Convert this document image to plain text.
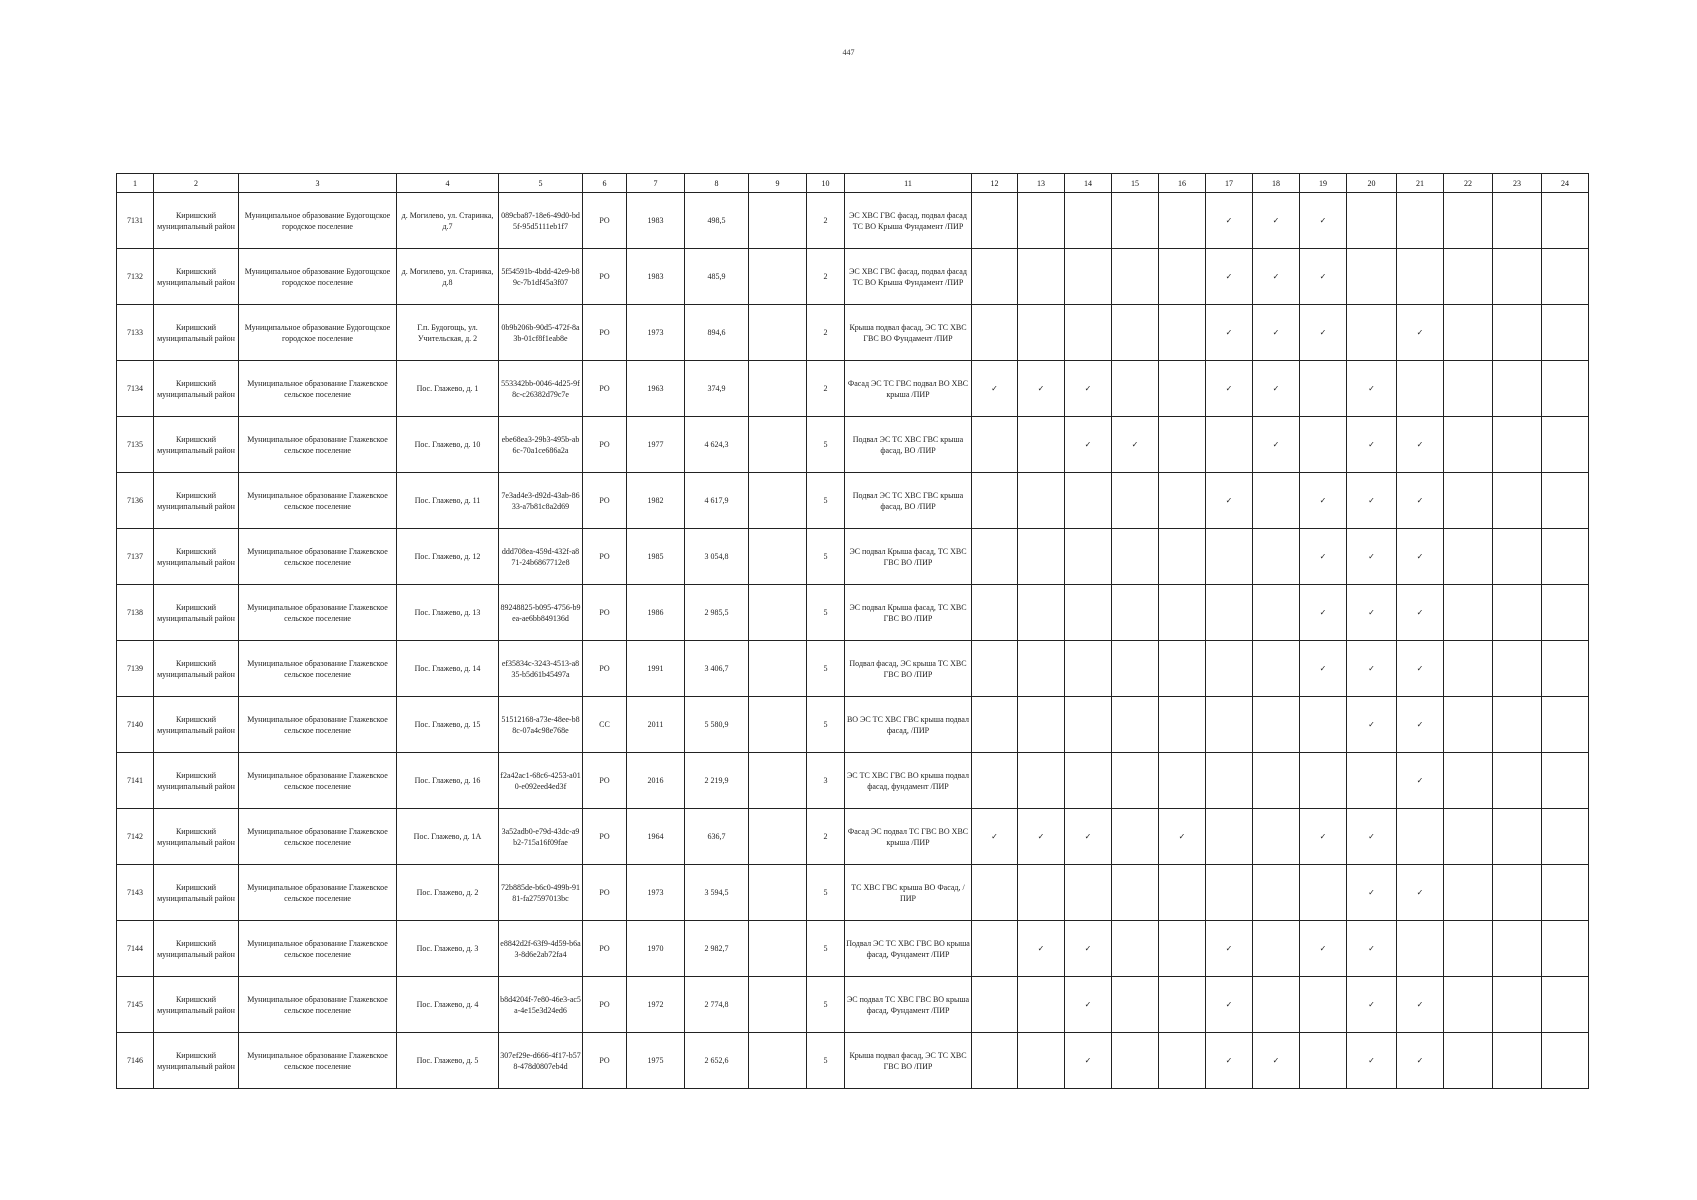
447
1	2	3	4	5	6	7	8	9	10	11	12	13	14	15	16	17	18	19	20	21	22	23	24
7131	Киришский муниципальный район	Муниципальное образование Будогощское городское поселение	д. Могилево, ул. Старинка, д.7	089cba87-18e6-49d0-bd5f-95d5111eb1f7	РО	1983	498,5		2	ЭС ХВС ГВС фасад, подвал фасад ТС ВО Крыша Фундамент /ПИР						✓	✓	✓					
7132	Киришский муниципальный район	Муниципальное образование Будогощское городское поселение	д. Могилево, ул. Старинка, д.8	5f54591b-4bdd-42e9-b89c-7b1df45a3f07	РО	1983	485,9		2	ЭС ХВС ГВС фасад, подвал фасад ТС ВО Крыша Фундамент /ПИР						✓	✓	✓					
7133	Киришский муниципальный район	Муниципальное образование Будогощское городское поселение	Г.п. Будогощь, ул. Учительская, д. 2	0b9b206b-90d5-472f-8a3b-01cf8f1eab8e	РО	1973	894,6		2	Крыша подвал фасад, ЭС ТС ХВС ГВС ВО Фундамент /ПИР						✓	✓	✓		✓			
7134	Киришский муниципальный район	Муниципальное образование Глажевское сельское поселение	Пос. Глажево, д. 1	553342bb-0046-4d25-9f8c-c26382d79c7e	РО	1963	374,9		2	Фасад ЭС ТС ГВС подвал ВО ХВС крыша /ПИР	✓	✓	✓			✓	✓		✓				
7135	Киришский муниципальный район	Муниципальное образование Глажевское сельское поселение	Пос. Глажево, д. 10	ebe68ea3-29b3-495b-ab6c-70a1ce686a2a	РО	1977	4 624,3		5	Подвал ЭС ТС ХВС ГВС крыша фасад, ВО /ПИР			✓	✓			✓		✓	✓			
7136	Киришский муниципальный район	Муниципальное образование Глажевское сельское поселение	Пос. Глажево, д. 11	7e3ad4e3-d92d-43ab-8633-a7b81c8a2d69	РО	1982	4 617,9		5	Подвал ЭС ТС ХВС ГВС крыша фасад, ВО /ПИР						✓		✓	✓	✓			
7137	Киришский муниципальный район	Муниципальное образование Глажевское сельское поселение	Пос. Глажево, д. 12	ddd708ea-459d-432f-a871-24b6867712e8	РО	1985	3 054,8		5	ЭС подвал Крыша фасад, ТС ХВС ГВС ВО /ПИР								✓	✓	✓			
7138	Киришский муниципальный район	Муниципальное образование Глажевское сельское поселение	Пос. Глажево, д. 13	89248825-b095-4756-b9ea-ae6bb849136d	РО	1986	2 985,5		5	ЭС подвал Крыша фасад, ТС ХВС ГВС ВО /ПИР								✓	✓	✓			
7139	Киришский муниципальный район	Муниципальное образование Глажевское сельское поселение	Пос. Глажево, д. 14	ef35834c-3243-4513-a835-b5d61b45497a	РО	1991	3 406,7		5	Подвал фасад, ЭС крыша ТС ХВС ГВС ВО /ПИР								✓	✓	✓			
7140	Киришский муниципальный район	Муниципальное образование Глажевское сельское поселение	Пос. Глажево, д. 15	51512168-a73e-48ee-b88c-07a4c98e768e	СС	2011	5 580,9		5	ВО ЭС ТС ХВС ГВС крыша подвал фасад, /ПИР									✓	✓			
7141	Киришский муниципальный район	Муниципальное образование Глажевское сельское поселение	Пос. Глажево, д. 16	f2a42ac1-68c6-4253-a010-e092eed4ed3f	РО	2016	2 219,9		3	ЭС ТС ХВС ГВС ВО крыша подвал фасад, фундамент /ПИР										✓			
7142	Киришский муниципальный район	Муниципальное образование Глажевское сельское поселение	Пос. Глажево, д. 1А	3a52adb0-e79d-43dc-a9b2-715a16f09fae	РО	1964	636,7		2	Фасад ЭС подвал ТС ГВС ВО ХВС крыша /ПИР	✓	✓	✓		✓			✓	✓				
7143	Киришский муниципальный район	Муниципальное образование Глажевское сельское поселение	Пос. Глажево, д. 2	72b885de-b6c0-499b-9181-fa27597013bc	РО	1973	3 594,5		5	ТС ХВС ГВС крыша ВО Фасад, /ПИР									✓	✓			
7144	Киришский муниципальный район	Муниципальное образование Глажевское сельское поселение	Пос. Глажево, д. 3	e8842d2f-63f9-4d59-b6a3-8d6e2ab72fa4	РО	1970	2 982,7		5	Подвал ЭС ТС ХВС ГВС ВО крыша фасад, Фундамент /ПИР		✓	✓			✓		✓	✓				
7145	Киришский муниципальный район	Муниципальное образование Глажевское сельское поселение	Пос. Глажево, д. 4	b8d4204f-7e80-46e3-ac5a-4e15e3d24ed6	РО	1972	2 774,8		5	ЭС подвал ТС ХВС ГВС ВО крыша фасад, Фундамент /ПИР			✓			✓			✓	✓			
7146	Киришский муниципальный район	Муниципальное образование Глажевское сельское поселение	Пос. Глажево, д. 5	307ef29e-d666-4f17-b578-478d0807eb4d	РО	1975	2 652,6		5	Крыша подвал фасад, ЭС ТС ХВС ГВС ВО /ПИР			✓			✓	✓		✓	✓			
